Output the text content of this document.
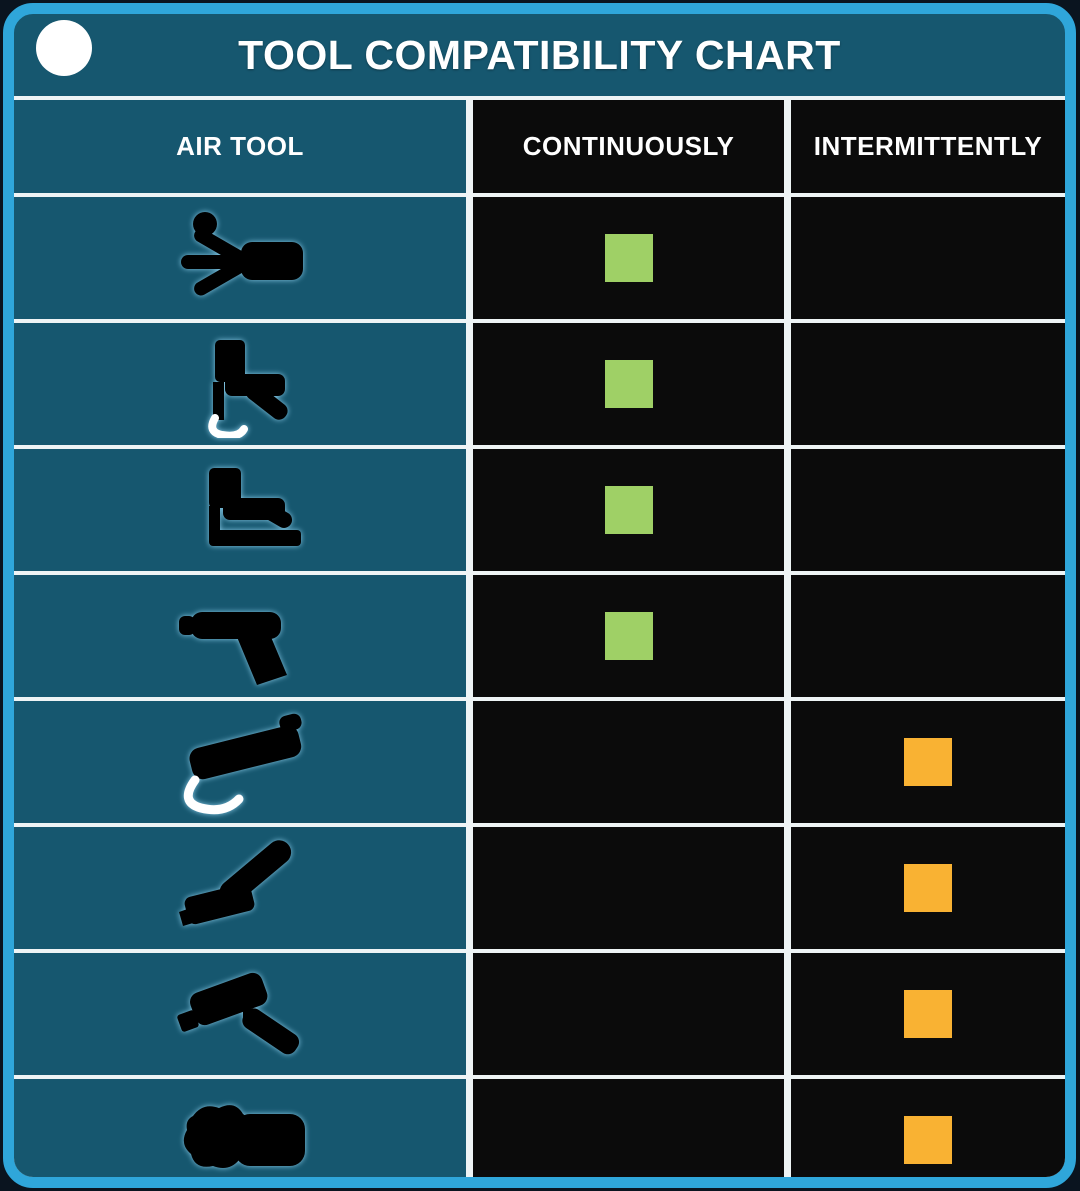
TOOL COMPATIBILITY CHART
AIR TOOL	CONTINUOUSLY	INTERMITTENTLY
